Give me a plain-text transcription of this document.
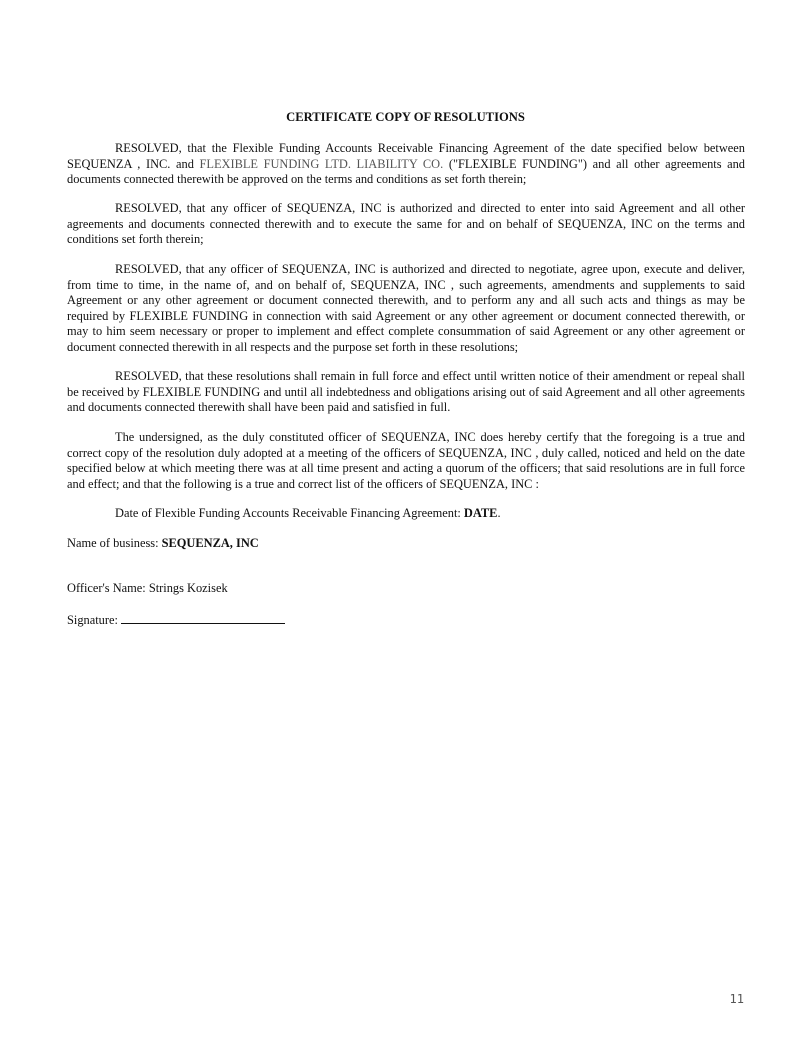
CERTIFICATE COPY OF RESOLUTIONS

RESOLVED, that the Flexible Funding Accounts Receivable Financing Agreement of the date specified below between SEQUENZA , INC. and FLEXIBLE FUNDING LTD. LIABILITY CO. ("FLEXIBLE FUNDING") and all other agreements and documents connected therewith be approved on the terms and conditions as set forth therein;

RESOLVED, that any officer of SEQUENZA, INC is authorized and directed to enter into said Agreement and all other agreements and documents connected therewith and to execute the same for and on behalf of SEQUENZA, INC on the terms and conditions set forth therein;

RESOLVED, that any officer of SEQUENZA, INC is authorized and directed to negotiate, agree upon, execute and deliver, from time to time, in the name of, and on behalf of, SEQUENZA, INC , such agreements, amendments and supplements to said Agreement or any other agreement or document connected therewith, and to perform any and all such acts and things as may be required by FLEXIBLE FUNDING in connection with said Agreement or any other agreement or document connected therewith, or may to him seem necessary or proper to implement and effect complete consummation of said Agreement or any other agreement or document connected therewith in all respects and the purpose set forth in these resolutions;

RESOLVED, that these resolutions shall remain in full force and effect until written notice of their amendment or repeal shall be received by FLEXIBLE FUNDING and until all indebtedness and obligations arising out of said Agreement and all other agreements and documents connected therewith shall have been paid and satisfied in full.

The undersigned, as the duly constituted officer of SEQUENZA, INC does hereby certify that the foregoing is a true and correct copy of the resolution duly adopted at a meeting of the officers of SEQUENZA, INC , duly called, noticed and held on the date specified below at which meeting there was at all time present and acting a quorum of the officers; that said resolutions are in full force and effect; and that the following is a true and correct list of the officers of SEQUENZA, INC :

Date of Flexible Funding Accounts Receivable Financing Agreement: DATE.

Name of business: SEQUENZA, INC

Officer's Name: Strings Kozisek

Signature:

11
